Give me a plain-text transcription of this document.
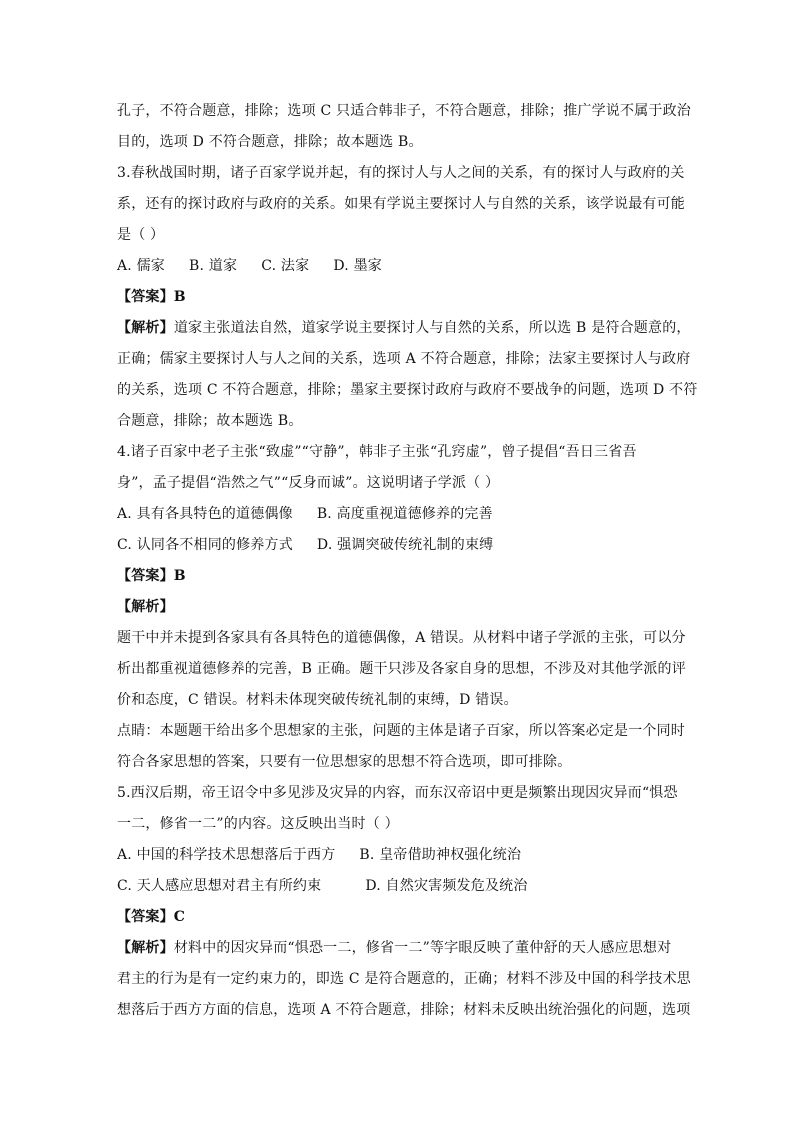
孔子，不符合题意，排除；选项 C 只适合韩非子，不符合题意，排除；推广学说不属于政治
目的，选项 D 不符合题意，排除；故本题选 B。
3.春秋战国时期，诸子百家学说并起，有的探讨人与人之间的关系，有的探讨人与政府的关
系，还有的探讨政府与政府的关系。如果有学说主要探讨人与自然的关系，该学说最有可能
是（ ）
A. 儒家 B. 道家 C. 法家 D. 墨家
【答案】B
【解析】道家主张道法自然，道家学说主要探讨人与自然的关系，所以选 B 是符合题意的，
正确；儒家主要探讨人与人之间的关系，选项 A 不符合题意，排除；法家主要探讨人与政府
的关系，选项 C 不符合题意，排除；墨家主要探讨政府与政府不要战争的问题，选项 D 不符
合题意，排除；故本题选 B。
4.诸子百家中老子主张“致虚”“守静”，韩非子主张“孔窍虚”，曾子提倡“吾日三省吾
身”，孟子提倡“浩然之气”“反身而诚”。这说明诸子学派（ ）
A. 具有各具特色的道德偶像 B. 高度重视道德修养的完善
C. 认同各不相同的修养方式 D. 强调突破传统礼制的束缚
【答案】B
【解析】
题干中并未提到各家具有各具特色的道德偶像，A 错误。从材料中诸子学派的主张，可以分
析出都重视道德修养的完善，B 正确。题干只涉及各家自身的思想，不涉及对其他学派的评
价和态度，C 错误。材料未体现突破传统礼制的束缚，D 错误。
点睛：本题题干给出多个思想家的主张，问题的主体是诸子百家，所以答案必定是一个同时
符合各家思想的答案，只要有一位思想家的思想不符合选项，即可排除。
5.西汉后期，帝王诏令中多见涉及灾异的内容，而东汉帝诏中更是频繁出现因灾异而“惧恐
一二，修省一二”的内容。这反映出当时（ ）
A. 中国的科学技术思想落后于西方 B. 皇帝借助神权强化统治
C. 天人感应思想对君主有所约束	D. 自然灾害频发危及统治
【答案】C
【解析】材料中的因灾异而“惧恐一二，修省一二”等字眼反映了董仲舒的天人感应思想对
君主的行为是有一定约束力的，即选 C 是符合题意的，正确；材料不涉及中国的科学技术思
想落后于西方方面的信息，选项 A 不符合题意，排除；材料未反映出统治强化的问题，选项
